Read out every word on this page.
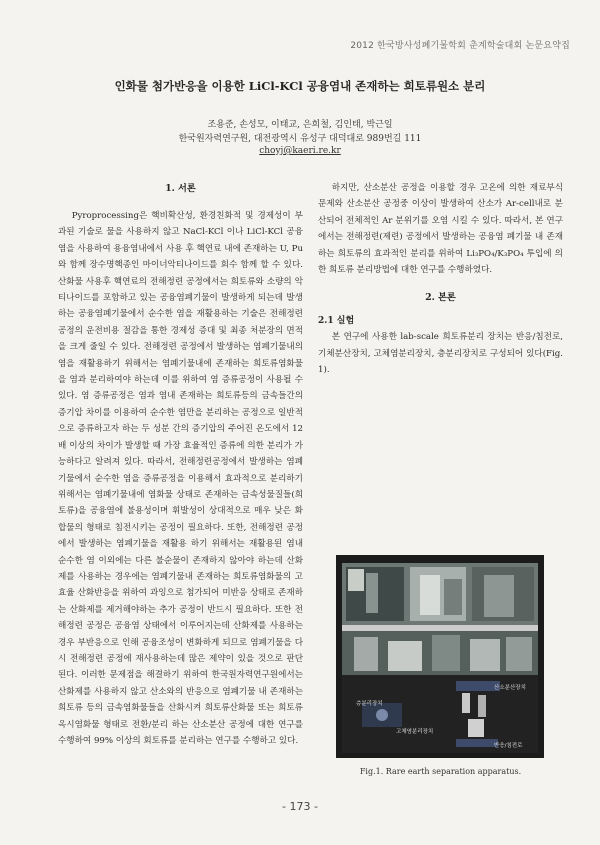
2012 한국방사성폐기물학회 춘계학술대회 논문요약집
인화물 첨가반응을 이용한 LiCl-KCl 공융염내 존재하는 희토류원소 분리
조용준, 손성모, 이태교, 은희철, 김인태, 박근일
한국원자력연구원, 대전광역시 유성구 대덕대로 989번길 111
choyj@kaeri.re.kr

1. 서론

Pyroprocessing은 핵비확산성, 환경친화적 및 경제성이 부과된 기술로 물을 사용하지 않고 NaCl-KCl 이나 LiCl-KCl 공융염을 사용하여 용융염내에서 사용 후 핵연료 내에 존재하는 U, Pu 와 함께 장수명핵종인 마이너악티나이드를 회수 함께 할 수 있다. 산화물 사용후 핵연료의 전해정련 공정에서는 희토류와 소량의 악티나이드를 포함하고 있는 공융염폐기물이 발생하게 되는데 발생하는 공융염폐기물에서 순수한 염을 재활용하는 기술은 전해정련 공정의 운전비용 절감을 통한 경제성 증대 및 최종 처분장의 면적을 크게 줄일 수 있다. 전해정련 공정에서 발생하는 염폐기물내의 염을 재활용하기 위해서는 염폐기물내에 존재하는 희토류염화물을 염과 분리하여야 하는데 이를 위하여 염 증류공정이 사용될 수 있다. 염 증류공정은 염과 염내 존재하는 희토류등의 금속들간의 증기압 차이를 이용하여 순수한 염만을 분리하는 공정으로 일반적으로 증류하고자 하는 두 성분 간의 증기압의 주어진 온도에서 12배 이상의 차이가 발생할 때 가장 효율적인 증류에 의한 분리가 가능하다고 알려져 있다. 따라서, 전해정련공정에서 발생하는 염폐기물에서 순수한 염을 증류공정을 이용해서 효과적으로 분리하기 위해서는 염폐기물내에 염화물 상태로 존재하는 금속성물질들(희토류)을 공융염에 불용성이며 휘발성이 상대적으로 매우 낮은 화합물의 형태로 침전시키는 공정이 필요하다. 또한, 전해정련 공정에서 발생하는 염폐기물을 재활용 하기 위해서는 재활용된 염내 순수한 염 이외에는 다른 불순물이 존재하지 않아야 하는데 산화제를 사용하는 경우에는 염폐기물내 존재하는 희토류염화물의 고효율 산화반응을 위하여 과잉으로 첨가되어 미반응 상태로 존재하는 산화제를 제거해야하는 추가 공정이 반드시 필요하다. 또한 전해정련 공정은 공융염 상태에서 이루어지는데 산화제를 사용하는 경우 부반응으로 인해 공융조성이 변화하게 되므로 염폐기물을 다시 전해정련 공정에 재사용하는데 많은 제약이 있을 것으로 판단된다. 이러한 문제점을 해결하기 위하여 한국원자력연구원에서는 산화제를 사용하지 않고 산소와의 반응으로 염폐기물 내 존재하는 희토류 등의 금속염화물들을 산화시켜 희토류산화물 또는 희토류 옥시염화물 형태로 전환/분리 하는 산소분산 공정에 대한 연구를 수행하여 99% 이상의 회토류를 분리하는 연구를 수행하고 있다.

하지만, 산소분산 공정을 이용할 경우 고온에 의한 재료부식 문제와 산소분산 공정중 이상이 발생하여 산소가 Ar-cell내로 분산되어 전체적인 Ar 분위기를 오염 시킬 수 있다. 따라서, 본 연구에서는 전해정련(제련) 공정에서 발생하는 공융염 폐기물 내 존재하는 희토류의 효과적인 분리를 위하여 Li₃PO₄/K₃PO₄ 투입에 의한 희토류 분리방법에 대한 연구를 수행하였다.

2. 본론

2.1 실험

본 연구에 사용한 lab-scale 희토류분리 장치는 반응/침전로, 기체분산장치, 고체염분리장치, 층분리장치로 구성되어 있다(Fig. 1).

산소분산장치
층분리장치
고체염분리장치
반응/침전로
Fig.1. Rare earth separation apparatus.
- 173 -
